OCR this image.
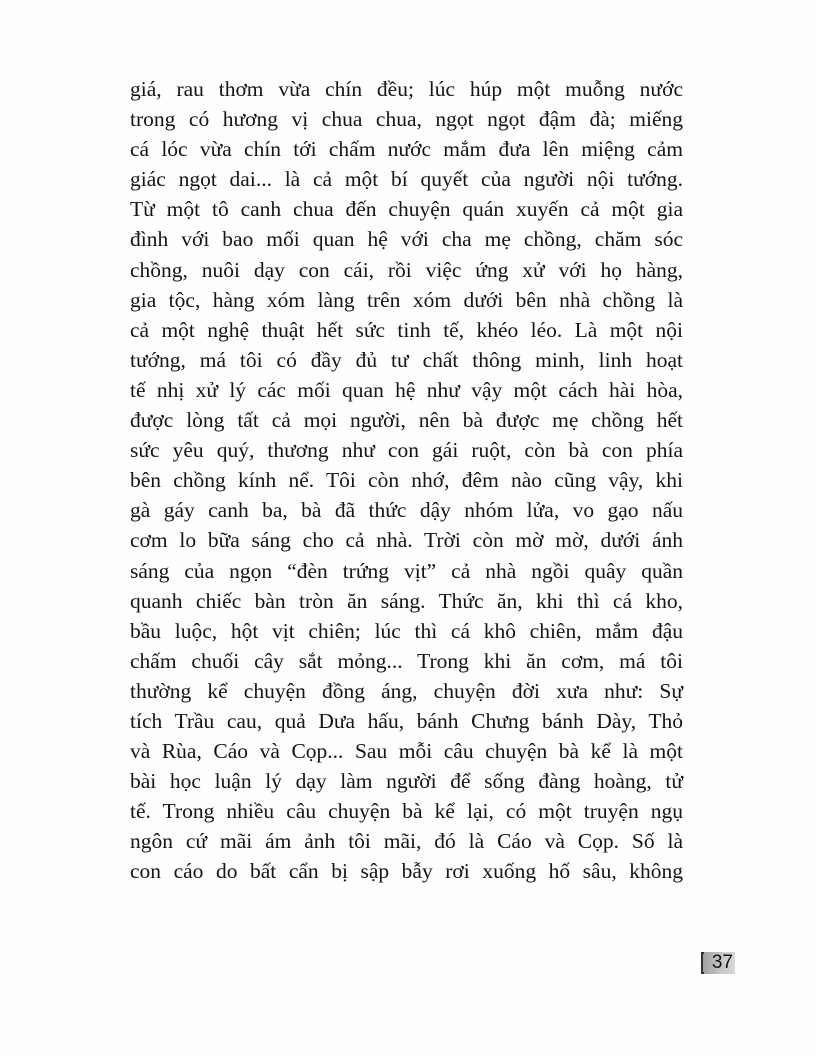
giá, rau thơm vừa chín đều; lúc húp một muỗng nước
trong có hương vị chua chua, ngọt ngọt đậm đà; miếng
cá lóc vừa chín tới chấm nước mắm đưa lên miệng cảm
giác ngọt dai... là cả một bí quyết của người nội tướng.
Từ một tô canh chua đến chuyện quán xuyến cả một gia
đình với bao mối quan hệ với cha mẹ chồng, chăm sóc
chồng, nuôi dạy con cái, rồi việc ứng xử với họ hàng,
gia tộc, hàng xóm làng trên xóm dưới bên nhà chồng là
cả một nghệ thuật hết sức tinh tế, khéo léo. Là một nội
tướng, má tôi có đầy đủ tư chất thông minh, linh hoạt
tế nhị xử lý các mối quan hệ như vậy một cách hài hòa,
được lòng tất cả mọi người, nên bà được mẹ chồng hết
sức yêu quý, thương như con gái ruột, còn bà con phía
bên chồng kính nể. Tôi còn nhớ, đêm nào cũng vậy, khi
gà gáy canh ba, bà đã thức dậy nhóm lửa, vo gạo nấu
cơm lo bữa sáng cho cả nhà. Trời còn mờ mờ, dưới ánh
sáng của ngọn “đèn trứng vịt” cả nhà ngồi quây quần
quanh chiếc bàn tròn ăn sáng. Thức ăn, khi thì cá kho,
bầu luộc, hột vịt chiên; lúc thì cá khô chiên, mắm đậu
chấm chuối cây sắt mỏng... Trong khi ăn cơm, má tôi
thường kể chuyện đồng áng, chuyện đời xưa như: Sự
tích Trầu cau, quả Dưa hấu, bánh Chưng bánh Dày, Thỏ
và Rùa, Cáo và Cọp... Sau mỗi câu chuyện bà kể là một
bài học luận lý dạy làm người để sống đàng hoàng, tử
tế. Trong nhiều câu chuyện bà kể lại, có một truyện ngụ
ngôn cứ mãi ám ảnh tôi mãi, đó là Cáo và Cọp. Số là
con cáo do bất cẩn bị sập bẫy rơi xuống hố sâu, không
37
